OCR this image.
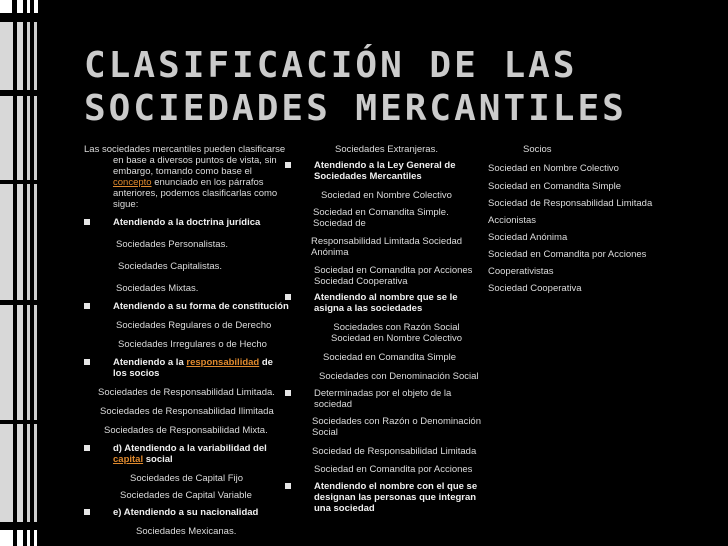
CLASIFICACIÓN DE LAS
SOCIEDADES MERCANTILES

Las sociedades mercantiles pueden clasificarse en base a diversos puntos de vista, sin embargo, tomando como base el concepto enunciado en los párrafos anteriores, podemos clasificarlas como sigue:

Atendiendo a la doctrina jurídica

Sociedades Personalistas.

Sociedades Capitalistas.

Sociedades Mixtas.

Atendiendo a su forma de constitución

Sociedades Regulares o de Derecho

Sociedades Irregulares o de Hecho

Atendiendo a la responsabilidad de los socios

Sociedades de Responsabilidad Limitada.

Sociedades de Responsabilidad Ilimitada

Sociedades de Responsabilidad Mixta.

d) Atendiendo a la variabilidad del capital social

Sociedades de Capital Fijo

Sociedades de Capital Variable

e) Atendiendo a su nacionalidad

Sociedades Mexicanas.

Sociedades Extranjeras.

Atendiendo a la Ley General de Sociedades Mercantiles

Sociedad en Nombre Colectivo

Sociedad en Comandita Simple. Sociedad de

Responsabilidad Limitada Sociedad Anónima

Sociedad en Comandita por Acciones Sociedad Cooperativa

Atendiendo al nombre que se le asigna a las sociedades

Sociedades con Razón Social Sociedad en Nombre Colectivo

Sociedad en Comandita Simple

Sociedades con Denominación Social

Determinadas por el objeto de la sociedad

Sociedades con Razón o Denominación Social

Sociedad de Responsabilidad Limitada

Sociedad en Comandita por Acciones

Atendiendo el nombre con el que se designan las personas que integran una sociedad

Socios

Sociedad en Nombre Colectivo

Sociedad en Comandita Simple

Sociedad de Responsabilidad Limitada

Accionistas

Sociedad Anónima

Sociedad en Comandita por Acciones

Cooperativistas

Sociedad Cooperativa
